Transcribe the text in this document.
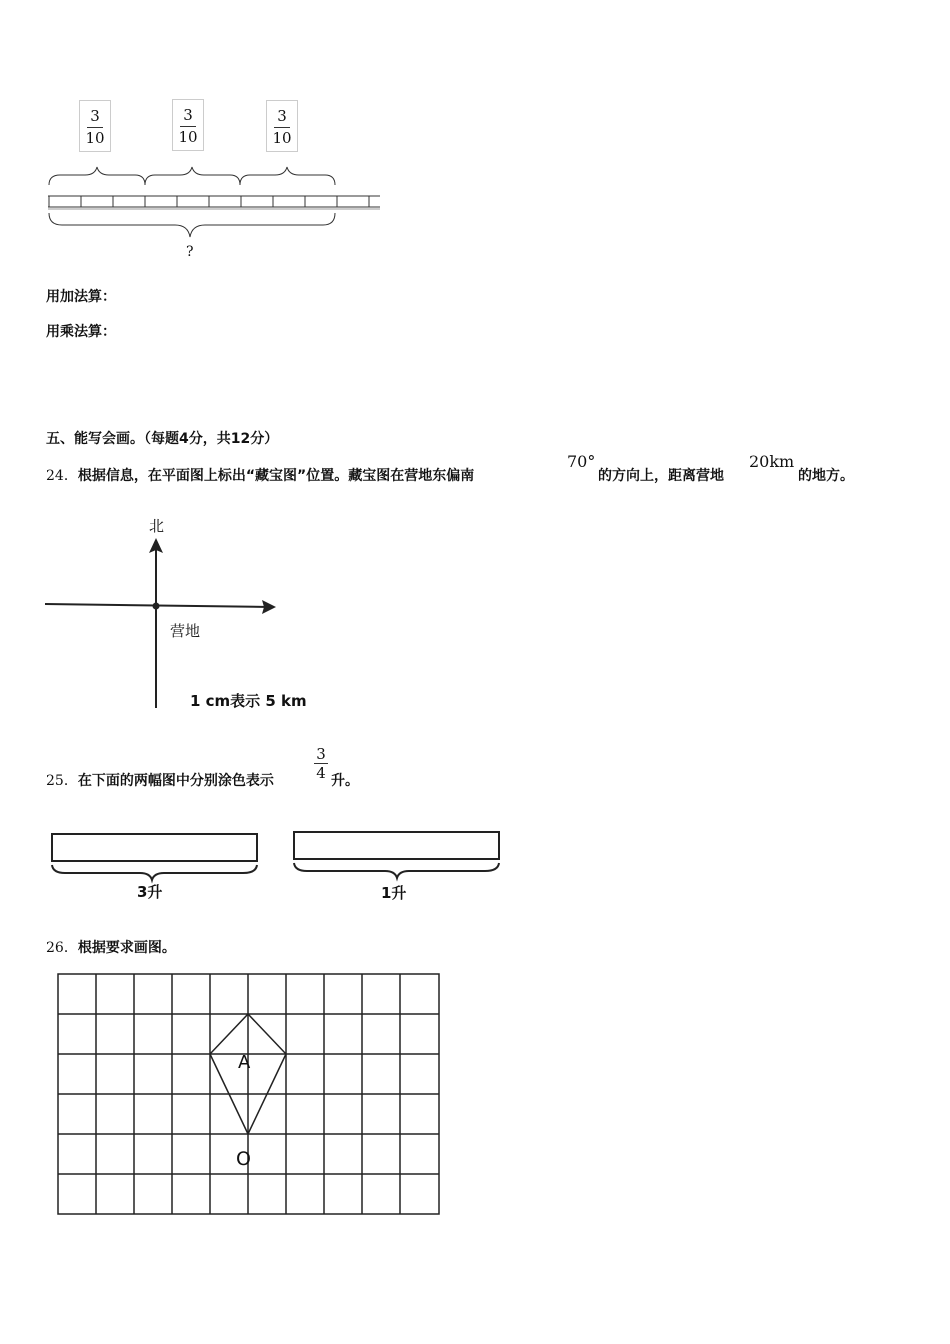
3
10
3
10
3
10
?
用加法算：
用乘法算：
五、能写会画。（每题4分，共12分）
24．根据信息，在平面图上标出“藏宝图”位置。藏宝图在营地东偏南
70°
的方向上，距离营地
20km
的地方。
北
营地
1 cm表示 5 km
25．在下面的两幅图中分别涂色表示	$\frac{3}{4}$ 升。
3升	1升
26．根据要求画图。
A
O
